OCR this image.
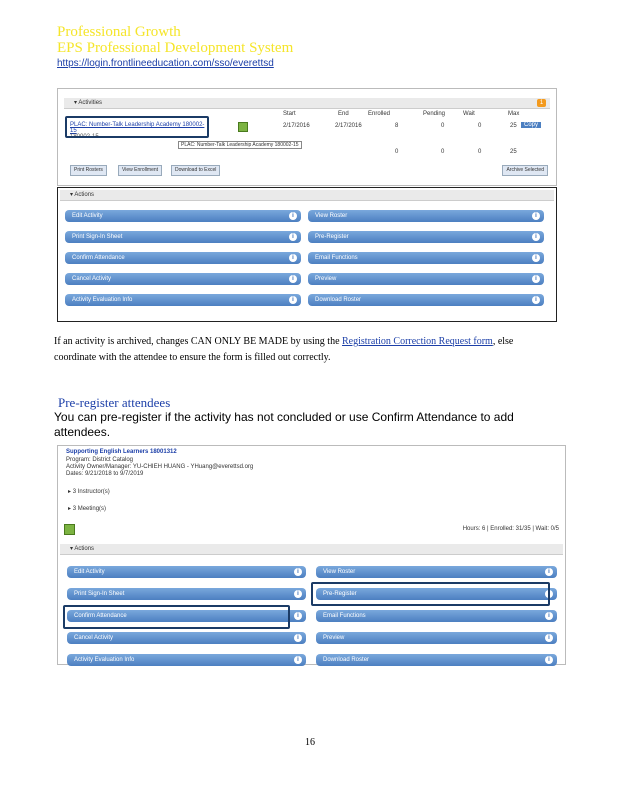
Professional Growth
EPS Professional Development System
https://login.frontlineeducation.com/sso/everettsd
▾ Activities	1
Start	End	Enrolled	Pending	Wait	Max
PLAC: Number-Talk Leadership Academy 180002-15
180002-15
2/17/2016	2/17/2016	8	0	0	25	Copy
PLAC: Number-Talk Leadership Academy 180002-15
0	0	0	25
Print Rosters	View Enrollment	Download to Excel	Archive Selected
▾ Actions
Edit Activity	i
Print Sign-In Sheet	i
Confirm Attendance	i
Cancel Activity	i
Activity Evaluation Info	i
View Roster	i
Pre-Register	i
Email Functions	i
Preview	i
Download Roster	i
If an activity is archived, changes CAN ONLY BE MADE by using the Registration Correction Request form, else coordinate with the attendee to ensure the form is filled out correctly.
Pre-register attendees
You can pre-register if the activity has not concluded or use Confirm Attendance to add attendees.
Supporting English Learners 18001312
Program: District Catalog
Activity Owner/Manager: YU-CHIEH HUANG - YHuang@everettsd.org
Dates: 9/21/2018 to 9/7/2019
▸ 3 Instructor(s)
▸ 3 Meeting(s)
Hours: 6 | Enrolled: 31/35 | Wait: 0/5
▾ Actions
Edit Activity	i
Print Sign-In Sheet	i
Confirm Attendance	i
Cancel Activity	i
Activity Evaluation Info	i
View Roster	i
Pre-Register	i
Email Functions	i
Preview	i
Download Roster	i
16
